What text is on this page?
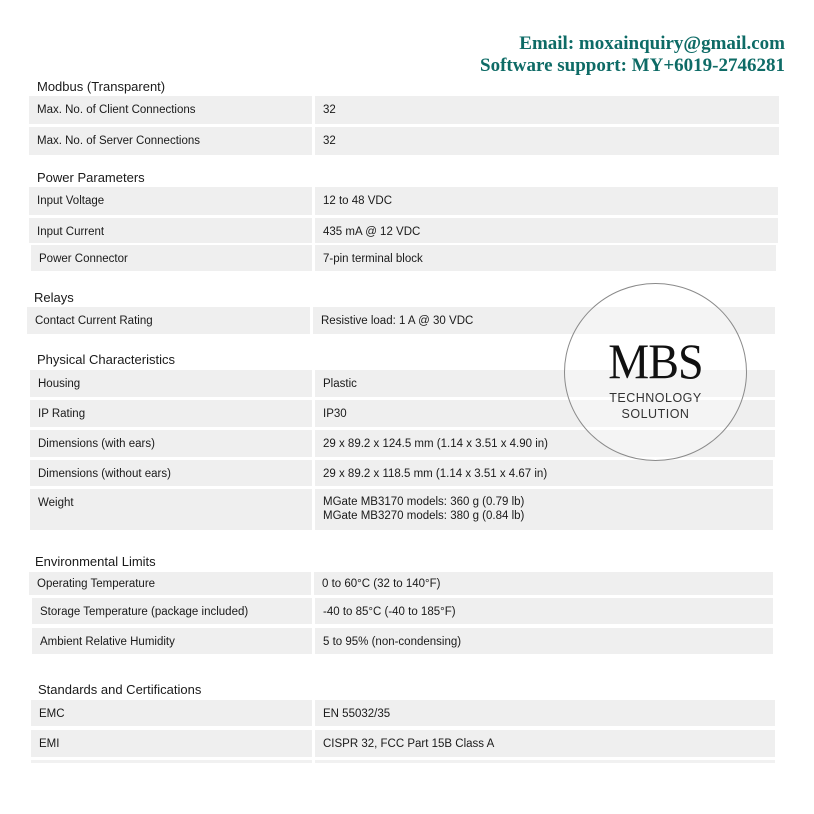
Email: moxainquiry@gmail.com
Software support: MY+6019-2746281
Modbus (Transparent)
Max. No. of Client Connections	32
Max. No. of Server Connections	32
Power Parameters
Input Voltage	12 to 48 VDC
Input Current	435 mA @ 12 VDC
Power Connector	7-pin terminal block
Relays
Contact Current Rating	Resistive load: 1 A @ 30 VDC
Physical Characteristics
Housing	Plastic
IP Rating	IP30
Dimensions (with ears)	29 x 89.2 x 124.5 mm (1.14 x 3.51 x 4.90 in)
Dimensions (without ears)	29 x 89.2 x 118.5 mm (1.14 x 3.51 x 4.67 in)
Weight	MGate MB3170 models: 360 g (0.79 lb)
MGate MB3270 models: 380 g (0.84 lb)
Environmental Limits
Operating Temperature	0 to 60°C (32 to 140°F)
Storage Temperature (package included)	-40 to 85°C (-40 to 185°F)
Ambient Relative Humidity	5 to 95% (non-condensing)
Standards and Certifications
EMC	EN 55032/35
EMI	CISPR 32, FCC Part 15B Class A
MBS
TECHNOLOGY
SOLUTION
